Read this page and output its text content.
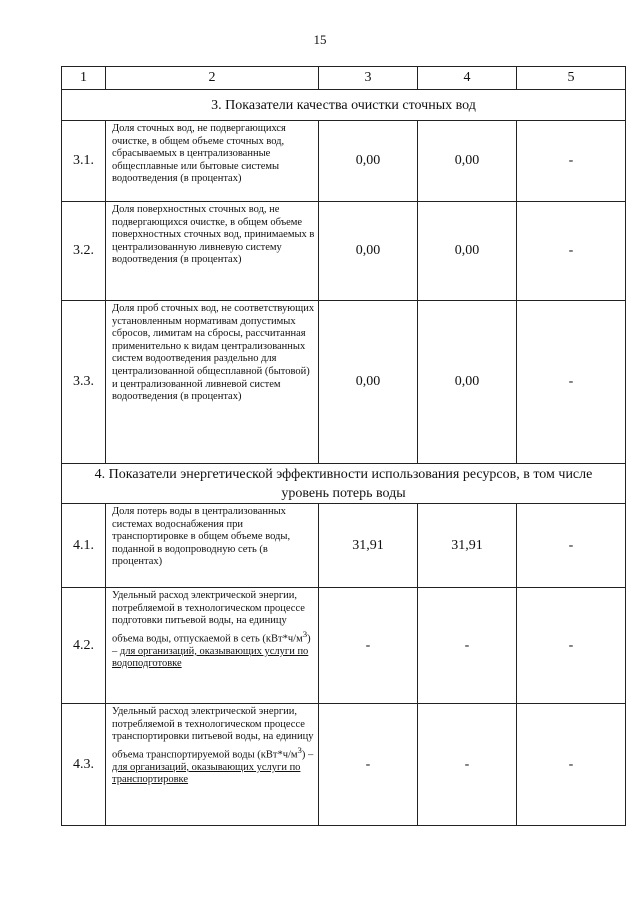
15
1	2	3	4	5
3. Показатели качества очистки сточных вод				
3.1.	Доля сточных вод, не подвергающихся очистке, в общем объеме сточных вод, сбрасываемых в централизованные общесплавные или бытовые системы водоотведения (в процентах)	0,00	0,00	-
3.2.	Доля поверхностных сточных вод, не подвергающихся очистке, в общем объеме поверхностных сточных вод, принимаемых в централизованную ливневую систему водоотведения (в процентах)	0,00	0,00	-
3.3.	Доля проб сточных вод, не соответствующих установленным нормативам допустимых сбросов, лимитам на сбросы, рассчитанная применительно к видам централизованных систем водоотведения раздельно для централизованной общесплавной (бытовой) и централизованной ливневой систем водоотведения (в процентах)	0,00	0,00	-
4. Показатели энергетической эффективности использования ресурсов, в том числе уровень потерь воды				
4.1.	Доля потерь воды в централизованных системах водоснабжения при транспортировке в общем объеме воды, поданной в водопроводную сеть (в процентах)	31,91	31,91	-
4.2.	Удельный расход электрической энергии, потребляемой в технологическом процессе подготовки питьевой воды, на единицу объема воды, отпускаемой в сеть $(кВт*ч/м^3)$ – для организаций, оказывающих услуги по водоподготовке	-	-	-
4.3.	Удельный расход электрической энергии, потребляемой в технологическом процессе транспортировки питьевой воды, на единицу объема транспортируемой воды $(кВт*ч/м^3)$ – для организаций, оказывающих услуги по транспортировке	-	-	-
